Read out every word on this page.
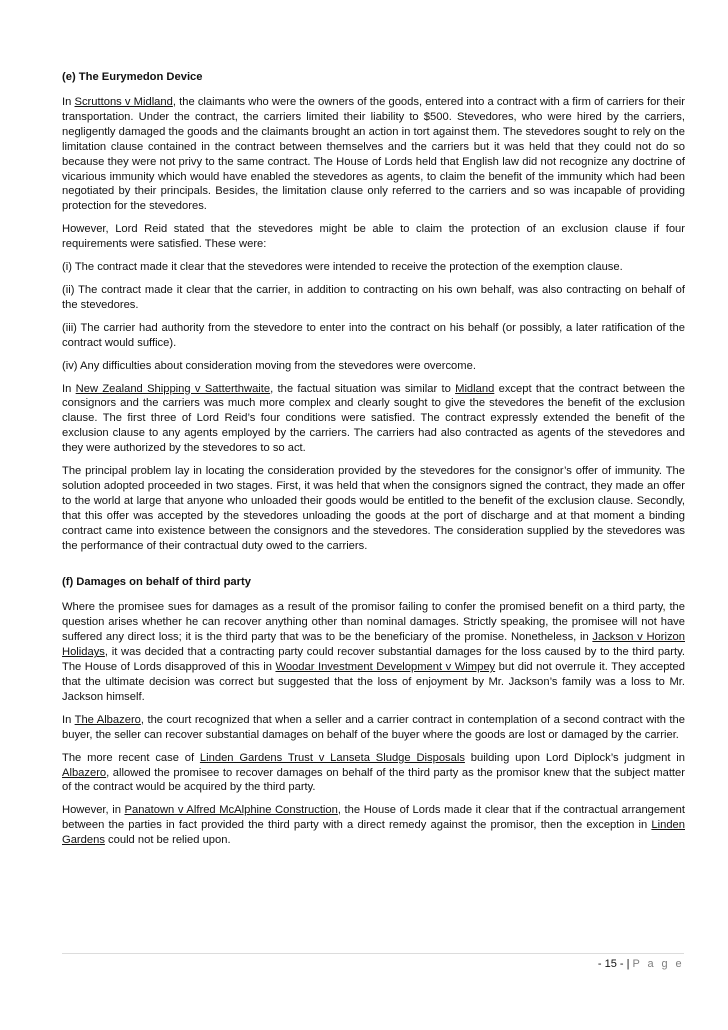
(e) The Eurymedon Device

In Scruttons v Midland, the claimants who were the owners of the goods, entered into a contract with a firm of carriers for their transportation. Under the contract, the carriers limited their liability to $500. Stevedores, who were hired by the carriers, negligently damaged the goods and the claimants brought an action in tort against them. The stevedores sought to rely on the limitation clause contained in the contract between themselves and the carriers but it was held that they could not do so because they were not privy to the same contract. The House of Lords held that English law did not recognize any doctrine of vicarious immunity which would have enabled the stevedores as agents, to claim the benefit of the immunity which had been negotiated by their principals. Besides, the limitation clause only referred to the carriers and so was incapable of providing protection for the stevedores.

However, Lord Reid stated that the stevedores might be able to claim the protection of an exclusion clause if four requirements were satisfied. These were:

(i) The contract made it clear that the stevedores were intended to receive the protection of the exemption clause.

(ii) The contract made it clear that the carrier, in addition to contracting on his own behalf, was also contracting on behalf of the stevedores.

(iii) The carrier had authority from the stevedore to enter into the contract on his behalf (or possibly, a later ratification of the contract would suffice).

(iv) Any difficulties about consideration moving from the stevedores were overcome.

In New Zealand Shipping v Satterthwaite, the factual situation was similar to Midland except that the contract between the consignors and the carriers was much more complex and clearly sought to give the stevedores the benefit of the exclusion clause. The first three of Lord Reid’s four conditions were satisfied. The contract expressly extended the benefit of the exclusion clause to any agents employed by the carriers. The carriers had also contracted as agents of the stevedores and they were authorized by the stevedores to so act.

The principal problem lay in locating the consideration provided by the stevedores for the consignor’s offer of immunity. The solution adopted proceeded in two stages. First, it was held that when the consignors signed the contract, they made an offer to the world at large that anyone who unloaded their goods would be entitled to the benefit of the exclusion clause. Secondly, that this offer was accepted by the stevedores unloading the goods at the port of discharge and at that moment a binding contract came into existence between the consignors and the stevedores. The consideration supplied by the stevedores was the performance of their contractual duty owed to the carriers.

(f) Damages on behalf of third party

Where the promisee sues for damages as a result of the promisor failing to confer the promised benefit on a third party, the question arises whether he can recover anything other than nominal damages. Strictly speaking, the promisee will not have suffered any direct loss; it is the third party that was to be the beneficiary of the promise. Nonetheless, in Jackson v Horizon Holidays, it was decided that a contracting party could recover substantial damages for the loss caused by to the third party. The House of Lords disapproved of this in Woodar Investment Development v Wimpey but did not overrule it. They accepted that the ultimate decision was correct but suggested that the loss of enjoyment by Mr. Jackson’s family was a loss to Mr. Jackson himself.

In The Albazero, the court recognized that when a seller and a carrier contract in contemplation of a second contract with the buyer, the seller can recover substantial damages on behalf of the buyer where the goods are lost or damaged by the carrier.

The more recent case of Linden Gardens Trust v Lanseta Sludge Disposals building upon Lord Diplock’s judgment in Albazero, allowed the promisee to recover damages on behalf of the third party as the promisor knew that the subject matter of the contract would be acquired by the third party.

However, in Panatown v Alfred McAlphine Construction, the House of Lords made it clear that if the contractual arrangement between the parties in fact provided the third party with a direct remedy against the promisor, then the exception in Linden Gardens could not be relied upon.

- 15 - | P a g e
